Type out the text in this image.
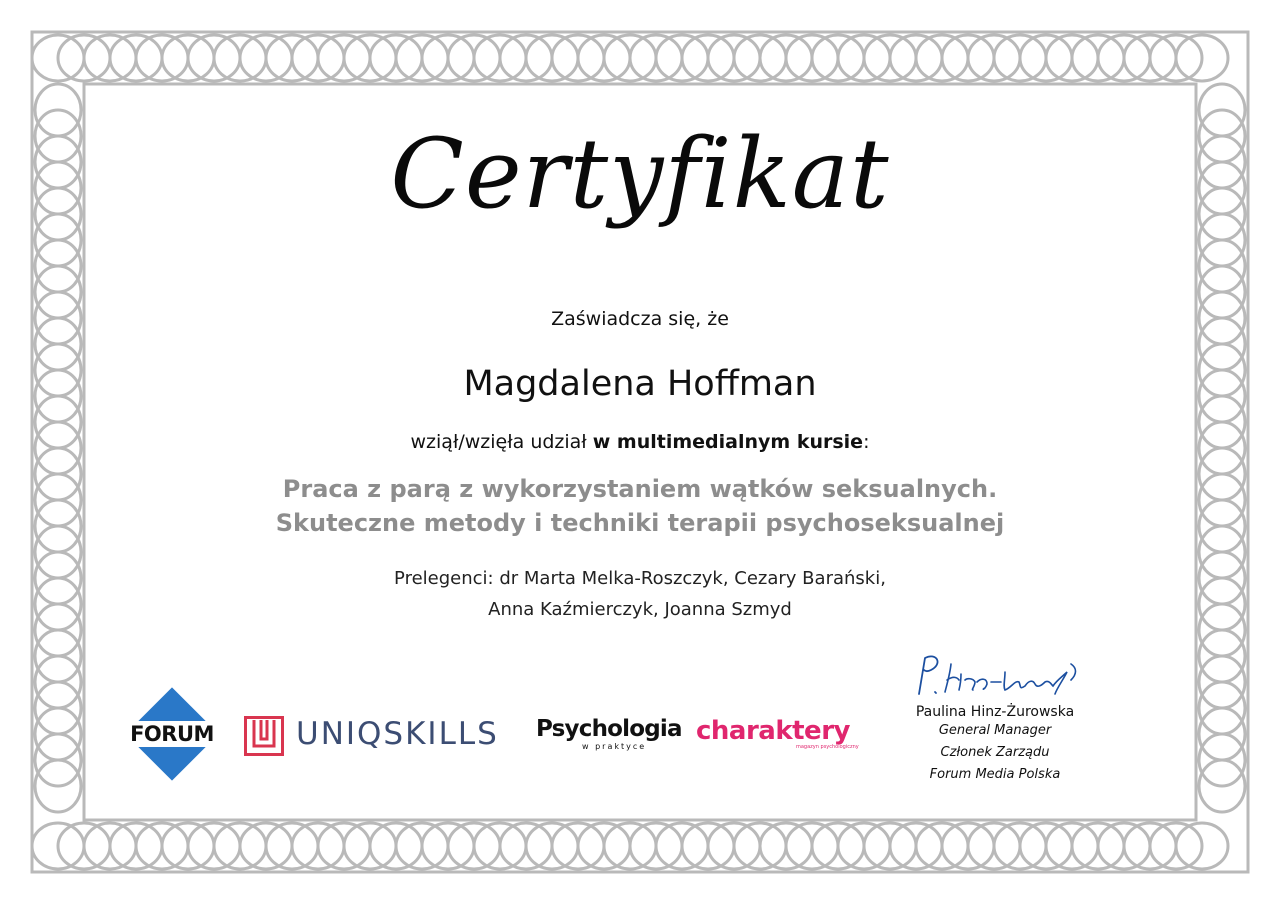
Certyfikat
Zaświadcza się, że
Magdalena Hoffman
wziął/wzięła udział w multimedialnym kursie:
Praca z parą z wykorzystaniem wątków seksualnych.
Skuteczne metody i techniki terapii psychoseksualnej
Prelegenci: dr Marta Melka-Roszczyk, Cezary Barański,
Anna Kaźmierczyk, Joanna Szmyd
FORUM	UNIQSKILLS Psychologia
w praktyce
charaktery
magazyn psychologiczny
Paulina Hinz-Żurowska
General Manager
Członek Zarządu
Forum Media Polska
